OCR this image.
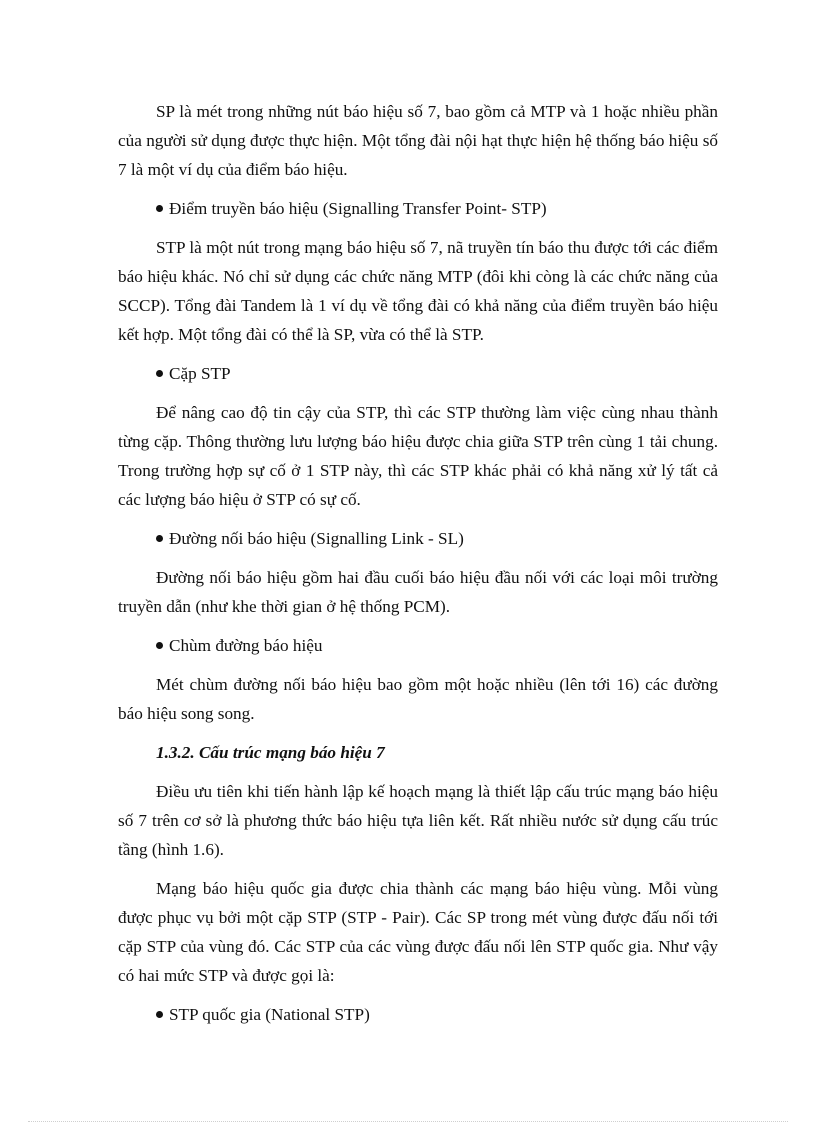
SP là mét trong những nút báo hiệu số 7, bao gồm cả MTP và 1 hoặc nhiều phần của người sử dụng được thực hiện. Một tổng đài nội hạt thực hiện hệ thống báo hiệu số 7 là một ví dụ của điểm báo hiệu.

Điểm truyền báo hiệu (Signalling Transfer Point- STP)

STP là một nút trong mạng báo hiệu số 7, nã truyền tín báo thu được tới các điểm báo hiệu khác. Nó chỉ sử dụng các chức năng MTP (đôi khi còng là các chức năng của SCCP). Tổng đài Tandem là 1 ví dụ về tổng đài có khả năng của điểm truyền báo hiệu kết hợp. Một tổng đài có thể là SP, vừa có thể là STP.

Cặp STP

Để nâng cao độ tin cậy của STP, thì các STP thường làm việc cùng nhau thành từng cặp. Thông thường lưu lượng báo hiệu được chia giữa STP trên cùng 1 tải chung. Trong trường hợp sự cố ở 1 STP này, thì các STP khác phải có khả năng xử lý tất cả các lượng báo hiệu ở STP có sự cố.

Đường nối báo hiệu (Signalling Link - SL)

Đường nối báo hiệu gồm hai đầu cuối báo hiệu đầu nối với các loại môi trường truyền dẫn (như khe thời gian ở hệ thống PCM).

Chùm đường báo hiệu

Mét chùm đường nối báo hiệu bao gồm một hoặc nhiều (lên tới 16) các đường báo hiệu song song.

1.3.2. Cấu trúc mạng báo hiệu 7

Điều ưu tiên khi tiến hành lập kế hoạch mạng là thiết lập cấu trúc mạng báo hiệu số 7 trên cơ sở là phương thức báo hiệu tựa liên kết. Rất nhiều nước sử dụng cấu trúc tầng (hình 1.6).

Mạng báo hiệu quốc gia được chia thành các mạng báo hiệu vùng. Mỗi vùng được phục vụ bởi một cặp STP (STP - Pair). Các SP trong mét vùng được đấu nối tới cặp STP của vùng đó. Các STP của các vùng được đấu nối lên STP quốc gia. Như vậy có hai mức STP và được gọi là:

STP quốc gia (National STP)
